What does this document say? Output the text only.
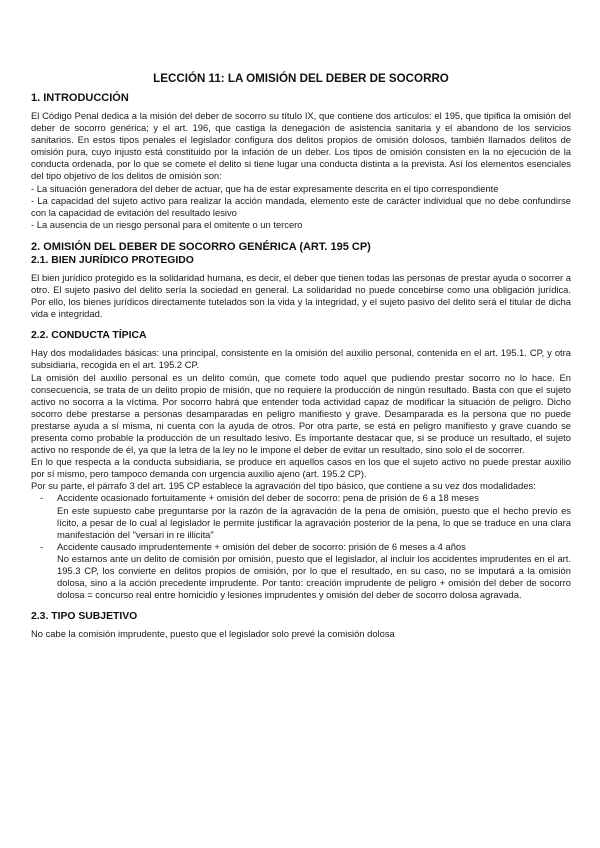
LECCIÓN 11: LA OMISIÓN DEL DEBER DE SOCORRO
1. INTRODUCCIÓN

El Código Penal dedica a la misión del deber de socorro su título IX, que contiene dos artículos: el 195, que tipifica la omisión del deber de socorro genérica; y el art. 196, que castiga la denegación de asistencia sanitaria y el abandono de los servicios sanitarios. En estos tipos penales el legislador configura dos delitos propios de omisión dolosos, también llamados delitos de omisión pura, cuyo injusto está constituido por la infación de un deber. Los tipos de omisión consisten en la no ejecución de la conducta ordenada, por lo que se comete el delito si tiene lugar una conducta distinta a la prevista. Así los elementos esenciales del tipo objetivo de los delitos de omisión son:

- La situación generadora del deber de actuar, que ha de estar expresamente descrita en el tipo correspondiente

- La capacidad del sujeto activo para realizar la acción mandada, elemento este de carácter individual que no debe confundirse con la capacidad de evitación del resultado lesivo

- La ausencia de un riesgo personal para el omitente o un tercero

2. OMISIÓN DEL DEBER DE SOCORRO GENÉRICA (ART. 195 CP)
2.1. BIEN JURÍDICO PROTEGIDO

El bien jurídico protegido es la solidaridad humana, es decir, el deber que tienen todas las personas de prestar ayuda o socorrer a otro. El sujeto pasivo del delito sería la sociedad en general. La solidaridad no puede concebirse como una obligación jurídica. Por ello, los bienes jurídicos directamente tutelados son la vida y la integridad, y el sujeto pasivo del delito será el titular de dicha vida e integridad.

2.2. CONDUCTA TÍPICA

Hay dos modalidades básicas: una principal, consistente en la omisión del auxilio personal, contenida en el art. 195.1. CP, y otra subsidiaria, recogida en el art. 195.2 CP.

La omisión del auxilio personal es un delito común, que comete todo aquel que pudiendo prestar socorro no lo hace. En consecuencia, se trata de un delito propio de misión, que no requiere la producción de ningún resultado. Basta con que el sujeto activo no socorra a la víctima. Por socorro habrá que entender toda actividad capaz de modificar la situación de peligro. Dicho socorro debe prestarse a personas desamparadas en peligro manifiesto y grave. Desamparada es la persona que no puede prestarse ayuda a sí misma, ni cuenta con la ayuda de otros. Por otra parte, se está en peligro manifiesto y grave cuando se presenta como probable la producción de un resultado lesivo. Es importante destacar que, si se produce un resultado, el sujeto activo no responde de él, ya que la letra de la ley no le impone el deber de evitar un resultado, sino solo el de socorrer.

En lo que respecta a la conducta subsidiaria, se produce en aquellos casos en los que el sujeto activo no puede prestar auxilio por sí mismo, pero tampoco demanda con urgencia auxilio ajeno (art. 195.2 CP).

Por su parte, el párrafo 3 del art. 195 CP establece la agravación del tipo básico, que contiene a su vez dos modalidades:

- Accidente ocasionado fortuitamente + omisión del deber de socorro: pena de prisión de 6 a 18 meses

En este supuesto cabe preguntarse por la razón de la agravación de la pena de omisión, puesto que el hecho previo es lícito, a pesar de lo cual al legislador le permite justificar la agravación posterior de la pena, lo que se traduce en una clara manifestación del "versari in re illicita"

- Accidente causado imprudentemente + omisión del deber de socorro: prisión de 6 meses a 4 años

No estamos ante un delito de comisión por omisión, puesto que el legislador, al incluir los accidentes imprudentes en el art. 195.3 CP, los convierte en delitos propios de omisión, por lo que el resultado, en su caso, no se imputará a la omisión dolosa, sino a la acción precedente imprudente. Por tanto: creación imprudente de peligro + omisión del deber de socorro dolosa = concurso real entre homicidio y lesiones imprudentes y omisión del deber de socorro dolosa agravada.

2.3. TIPO SUBJETIVO

No cabe la comisión imprudente, puesto que el legislador solo prevé la comisión dolosa
